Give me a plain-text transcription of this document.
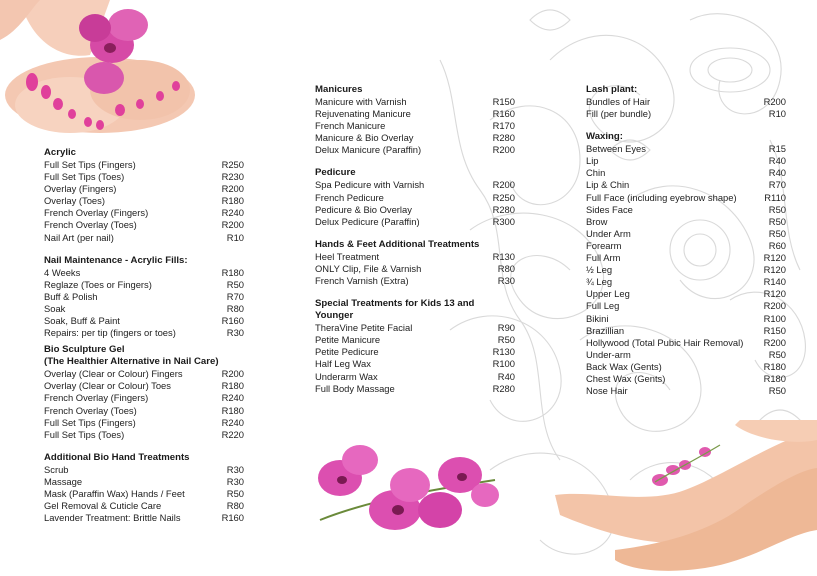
Acrylic

Full Set Tips (Fingers)	R250
Full Set Tips (Toes)	R230
Overlay (Fingers)	R200
Overlay (Toes)	R180
French Overlay (Fingers)	R240
French Overlay (Toes)	R200
Nail Art (per nail)	R10

Nail Maintenance - Acrylic Fills:

4 Weeks	R180
Reglaze (Toes or Fingers)	R50
Buff & Polish	R70
Soak	R80
Soak, Buff & Paint	R160
Repairs: per tip (fingers or toes)	R30

Bio Sculpture Gel

(The Healthier Alternative in Nail Care)

Overlay (Clear or Colour) Fingers	R200
Overlay (Clear or Colour) Toes	R180
French Overlay (Fingers)	R240
French Overlay (Toes)	R180
Full Set Tips (Fingers)	R240
Full Set Tips (Toes)	R220

Additional Bio Hand Treatments

Scrub	R30
Massage	R30
Mask (Paraffin Wax) Hands / Feet	R50
Gel Removal & Cuticle Care	R80
Lavender Treatment: Brittle Nails	R160

Manicures

Manicure with Varnish	R150
Rejuvenating Manicure	R160
French Manicure	R170
Manicure & Bio Overlay	R280
Delux Manicure (Paraffin)	R200

Pedicure

Spa Pedicure with Varnish	R200
French Pedicure	R250
Pedicure & Bio Overlay	R280
Delux Pedicure (Paraffin)	R300

Hands & Feet Additional Treatments

Heel Treatment	R130
ONLY Clip, File & Varnish	R80
French Varnish (Extra)	R30

Special Treatments for Kids 13 and Younger

TheraVine Petite Facial	R90
Petite Manicure	R50
Petite Pedicure	R130
Half Leg Wax	R100
Underarm Wax	R40
Full Body Massage	R280

Lash plant:

Bundles of Hair	R200
Fill (per bundle)	R10

Waxing:

Between Eyes	R15
Lip	R40
Chin	R40
Lip & Chin	R70
Full Face (including eyebrow shape)	R110
Sides Face	R50
Brow	R50
Under Arm	R50
Forearm	R60
Full Arm	R120
½ Leg	R120
¾ Leg	R140
Upper Leg	R120
Full Leg	R200
Bikini	R100
Brazillian	R150
Hollywood (Total Pubic Hair Removal) R200
Under-arm	R50
Back Wax (Gents)	R180
Chest Wax (Gents)	R180
Nose Hair	R50
